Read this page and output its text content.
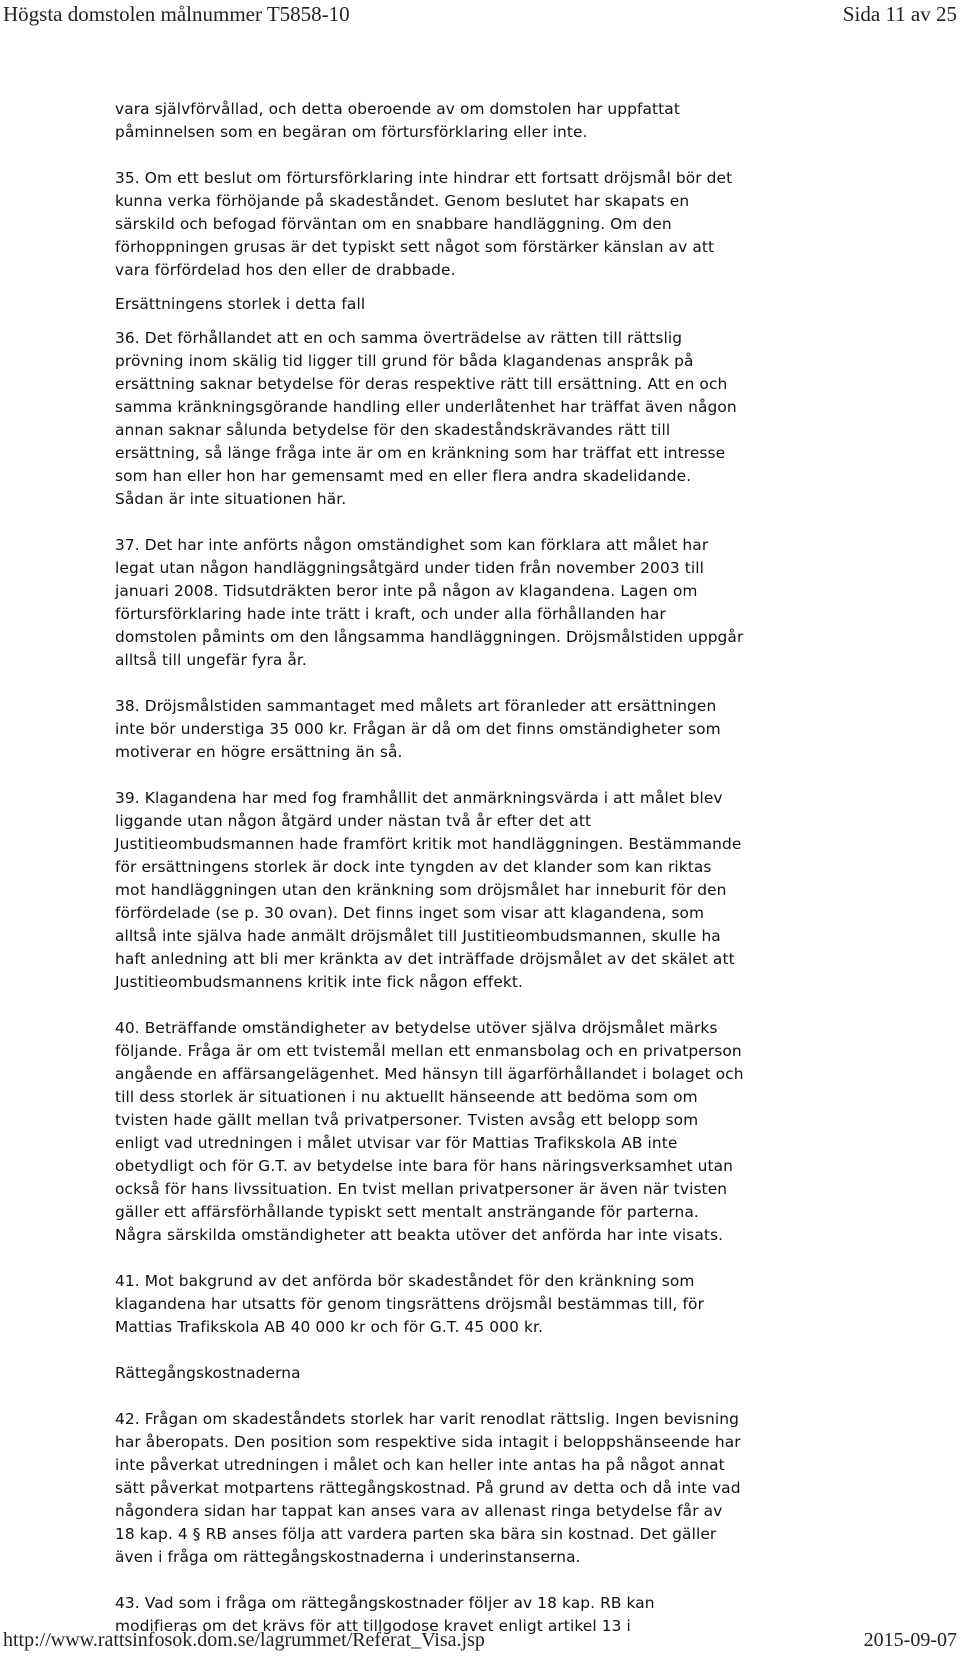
Högsta domstolen målnummer T5858-10	Sida 11 av 25

vara självförvållad, och detta oberoende av om domstolen har uppfattat
påminnelsen som en begäran om förtursförklaring eller inte.

35. Om ett beslut om förtursförklaring inte hindrar ett fortsatt dröjsmål bör det
kunna verka förhöjande på skadeståndet. Genom beslutet har skapats en
särskild och befogad förväntan om en snabbare handläggning. Om den
förhoppningen grusas är det typiskt sett något som förstärker känslan av att
vara förfördelad hos den eller de drabbade.

Ersättningens storlek i detta fall

36. Det förhållandet att en och samma överträdelse av rätten till rättslig
prövning inom skälig tid ligger till grund för båda klagandenas anspråk på
ersättning saknar betydelse för deras respektive rätt till ersättning. Att en och
samma kränkningsgörande handling eller underlåtenhet har träffat även någon
annan saknar sålunda betydelse för den skadeståndskrävandes rätt till
ersättning, så länge fråga inte är om en kränkning som har träffat ett intresse
som han eller hon har gemensamt med en eller flera andra skadelidande.
Sådan är inte situationen här.

37. Det har inte anförts någon omständighet som kan förklara att målet har
legat utan någon handläggningsåtgärd under tiden från november 2003 till
januari 2008. Tidsutdräkten beror inte på någon av klagandena. Lagen om
förtursförklaring hade inte trätt i kraft, och under alla förhållanden har
domstolen påmints om den långsamma handläggningen. Dröjsmålstiden uppgår
alltså till ungefär fyra år.

38. Dröjsmålstiden sammantaget med målets art föranleder att ersättningen
inte bör understiga 35 000 kr. Frågan är då om det finns omständigheter som
motiverar en högre ersättning än så.

39. Klagandena har med fog framhållit det anmärkningsvärda i att målet blev
liggande utan någon åtgärd under nästan två år efter det att
Justitieombudsmannen hade framfört kritik mot handläggningen. Bestämmande
för ersättningens storlek är dock inte tyngden av det klander som kan riktas
mot handläggningen utan den kränkning som dröjsmålet har inneburit för den
förfördelade (se p. 30 ovan). Det finns inget som visar att klagandena, som
alltså inte själva hade anmält dröjsmålet till Justitieombudsmannen, skulle ha
haft anledning att bli mer kränkta av det inträffade dröjsmålet av det skälet att
Justitieombudsmannens kritik inte fick någon effekt.

40. Beträffande omständigheter av betydelse utöver själva dröjsmålet märks
följande. Fråga är om ett tvistemål mellan ett enmansbolag och en privatperson
angående en affärsangelägenhet. Med hänsyn till ägarförhållandet i bolaget och
till dess storlek är situationen i nu aktuellt hänseende att bedöma som om
tvisten hade gällt mellan två privatpersoner. Tvisten avsåg ett belopp som
enligt vad utredningen i målet utvisar var för Mattias Trafikskola AB inte
obetydligt och för G.T. av betydelse inte bara för hans näringsverksamhet utan
också för hans livssituation. En tvist mellan privatpersoner är även när tvisten
gäller ett affärsförhållande typiskt sett mentalt ansträngande för parterna.
Några särskilda omständigheter att beakta utöver det anförda har inte visats.

41. Mot bakgrund av det anförda bör skadeståndet för den kränkning som
klagandena har utsatts för genom tingsrättens dröjsmål bestämmas till, för
Mattias Trafikskola AB 40 000 kr och för G.T. 45 000 kr.

Rättegångskostnaderna

42. Frågan om skadeståndets storlek har varit renodlat rättslig. Ingen bevisning
har åberopats. Den position som respektive sida intagit i beloppshänseende har
inte påverkat utredningen i målet och kan heller inte antas ha på något annat
sätt påverkat motpartens rättegångskostnad. På grund av detta och då inte vad
någondera sidan har tappat kan anses vara av allenast ringa betydelse får av
18 kap. 4 § RB anses följa att vardera parten ska bära sin kostnad. Det gäller
även i fråga om rättegångskostnaderna i underinstanserna.

43. Vad som i fråga om rättegångskostnader följer av 18 kap. RB kan
modifieras om det krävs för att tillgodose kravet enligt artikel 13 i

http://www.rattsinfosok.dom.se/lagrummet/Referat_Visa.jsp	2015-09-07
